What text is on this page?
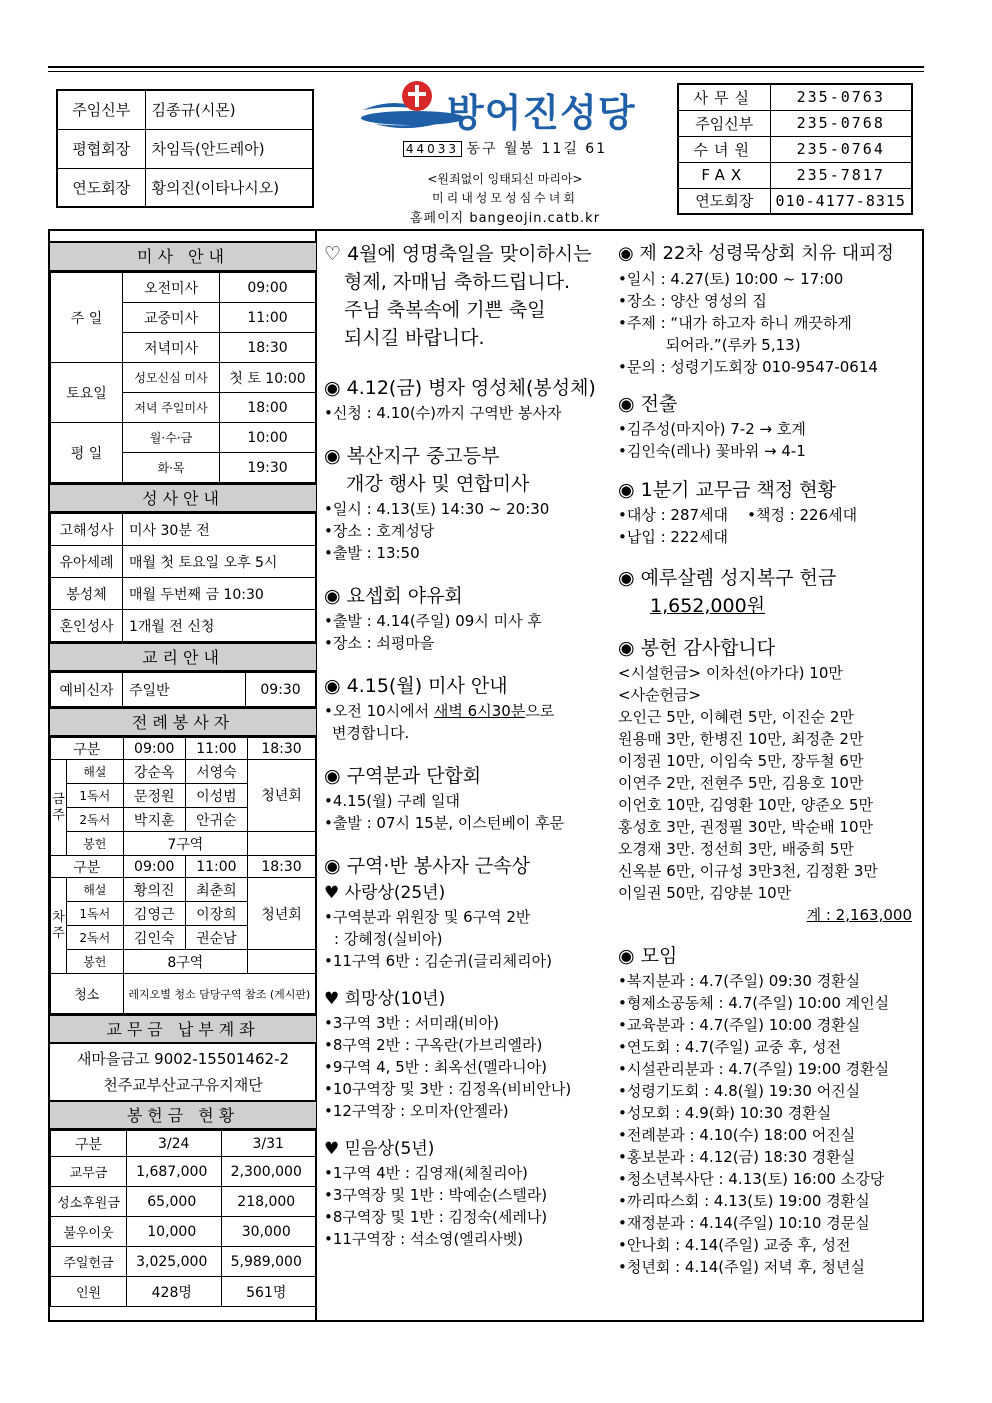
주임신부	김종규(시몬)
평협회장	차임득(안드레아)
연도회장	황의진(이타나시오)
방어진성당
44033 동구 월봉 11길 61
<원죄없이 잉태되신 마리아>
미리내성모성심수녀회
홈페이지 bangeojin.catb.kr
사무실	235-0763
주임신부	235-0768
수녀원	235-0764
FAX	235-7817
연도회장	010-4177-8315
미사 안내
주 일	오전미사	09:00
	교중미사	11:00
	저녁미사	18:30
토요일	성모신심 미사	첫 토 10:00
	저녁 주일미사	18:00
평 일	월·수·금	10:00
	화·목	19:30
성사안내
고해성사	미사 30분 전
유아세례	매월 첫 토요일 오후 5시
봉성체	매월 두번째 금 10:30
혼인성사	1개월 전 신청
교리안내
예비신자	주일반	09:30
전례봉사자
구분		09:00	11:00	18:30
금주	해설	강순옥	서영숙	청년회
	1독서	문정원	이성범	
	2독서	박지훈	안귀순	
	봉헌	7구역		
구분		09:00	11:00	18:30
차주	해설	황의진	최춘희	청년회
	1독서	김영근	이장희	
	2독서	김인숙	권순남	
	봉헌	8구역		
청소		레지오별 청소 담당구역 참조 (게시판)		
교무금 납부계좌
새마을금고 9002-15501462-2
천주교부산교구유지재단
봉헌금 현황
구분	3/24	3/31
교무금	1,687,000	2,300,000
성소후원금	65,000	218,000
불우이웃	10,000	30,000
주일헌금	3,025,000	5,989,000
인원	428명	561명
♡ 4월에 영명축일을 맞이하시는
형제, 자매님 축하드립니다.
주님 축복속에 기쁜 축일
되시길 바랍니다.
◉ 4.12(금) 병자 영성체(봉성체)
•신청 : 4.10(수)까지 구역반 봉사자
◉ 복산지구 중고등부
개강 행사 및 연합미사
•일시 : 4.13(토) 14:30 ~ 20:30
•장소 : 호계성당
•출발 : 13:50
◉ 요셉회 야유회
•출발 : 4.14(주일) 09시 미사 후
•장소 : 쇠평마을
◉ 4.15(월) 미사 안내
•오전 10시에서 새벽 6시30분으로
변경합니다.
◉ 구역분과 단합회
•4.15(월) 구례 일대
•출발 : 07시 15분, 이스턴베이 후문
◉ 구역·반 봉사자 근속상
♥ 사랑상(25년)
•구역분과 위원장 및 6구역 2반
: 강혜정(실비아)
•11구역 6반 : 김순귀(글리체리아)
♥ 희망상(10년)
•3구역 3반 : 서미래(비아)
•8구역 2반 : 구옥란(가브리엘라)
•9구역 4, 5반 : 최옥선(멜라니아)
•10구역장 및 3반 : 김정옥(비비안나)
•12구역장 : 오미자(안젤라)
♥ 믿음상(5년)
•1구역 4반 : 김영재(체칠리아)
•3구역장 및 1반 : 박예순(스텔라)
•8구역장 및 1반 : 김정숙(세레나)
•11구역장 : 석소영(엘리사벳)
◉ 제 22차 성령묵상회 치유 대피정
•일시 : 4.27(토) 10:00 ~ 17:00
•장소 : 양산 영성의 집
•주제 : “내가 하고자 하니 깨끗하게
되어라.”(루카 5,13)
•문의 : 성령기도회장 010-9547-0614
◉ 전출
•김주성(마지아) 7-2 → 호계
•김인숙(레나) 꽃바위 → 4-1
◉ 1분기 교무금 책정 현황
•대상 : 287세대    •책정 : 226세대
•납입 : 222세대
◉ 예루살렘 성지복구 헌금
1,652,000원
◉ 봉헌 감사합니다
<시설헌금> 이차선(아가다) 10만
<사순헌금>
오인근 5만, 이혜련 5만, 이진순 2만
원용매 3만, 한병진 10만, 최정춘 2만
이정권 10만, 이임숙 5만, 장두철 6만
이연주 2만, 전현주 5만, 김용호 10만
이언호 10만, 김영환 10만, 양준오 5만
홍성호 3만, 권정필 30만, 박순배 10만
오경재 3만. 정선희 3만, 배중희 5만
신옥분 6만, 이규성 3만3천, 김정환 3만
이일권 50만, 김양분 10만
계 : 2,163,000
◉ 모임
•복지분과 : 4.7(주일) 09:30 경환실
•형제소공동체 : 4.7(주일) 10:00 계인실
•교육분과 : 4.7(주일) 10:00 경환실
•연도회 : 4.7(주일) 교중 후, 성전
•시설관리분과 : 4.7(주일) 19:00 경환실
•성령기도회 : 4.8(월) 19:30 어진실
•성모회 : 4.9(화) 10:30 경환실
•전례분과 : 4.10(수) 18:00 어진실
•홍보분과 : 4.12(금) 18:30 경환실
•청소년복사단 : 4.13(토) 16:00 소강당
•까리따스회 : 4.13(토) 19:00 경환실
•재정분과 : 4.14(주일) 10:10 경문실
•안나회 : 4.14(주일) 교중 후, 성전
•청년회 : 4.14(주일) 저녁 후, 청년실
